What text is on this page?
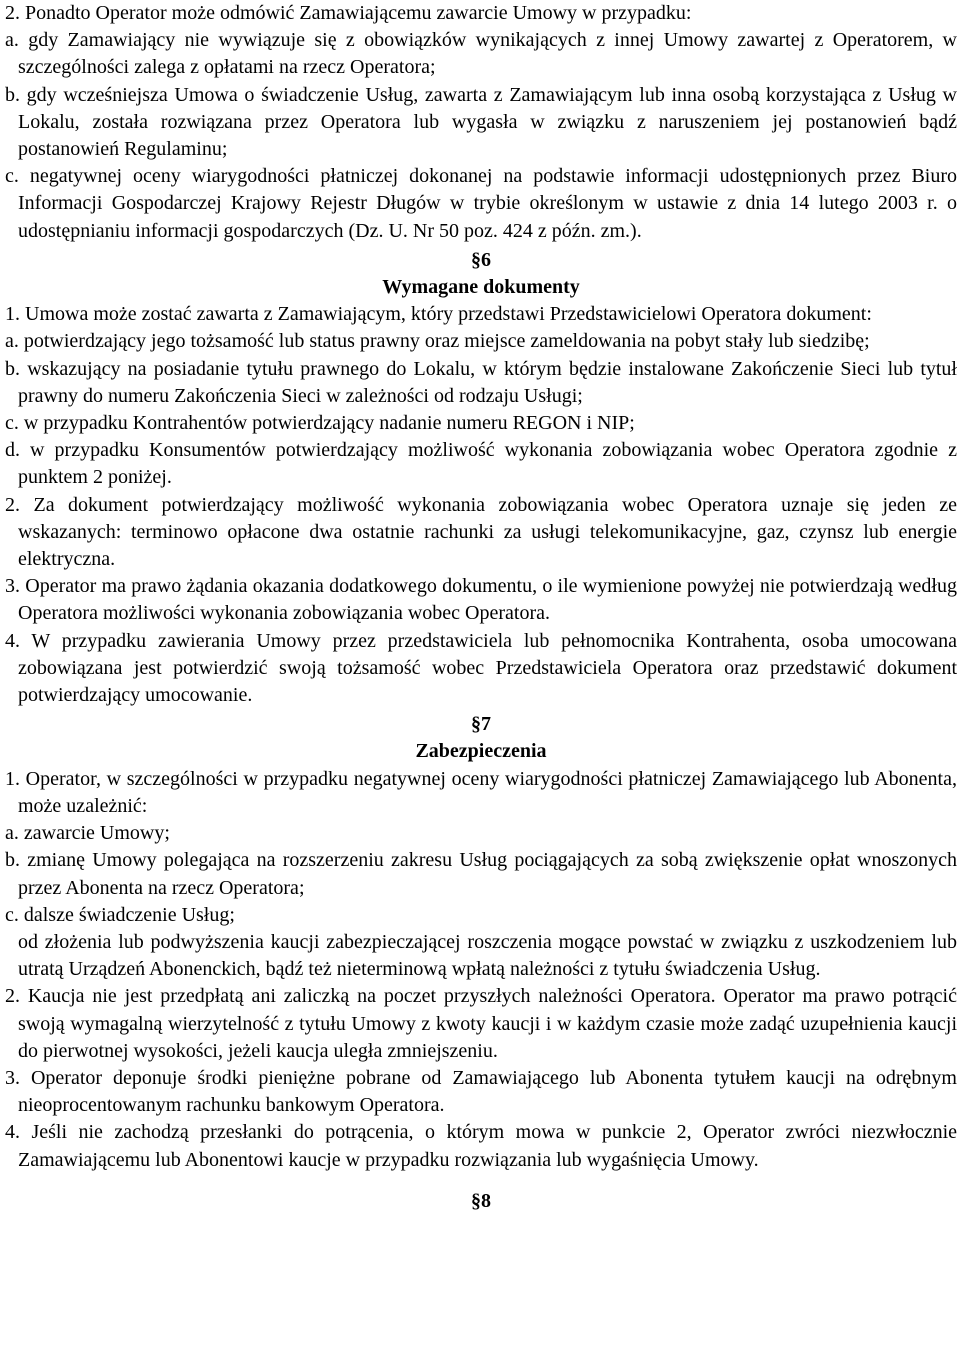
2. Ponadto Operator może odmówić Zamawiającemu zawarcie Umowy w przypadku:

a. gdy Zamawiający nie wywiązuje się z obowiązków wynikających z innej Umowy zawartej z Operatorem, w szczególności zalega z opłatami na rzecz Operatora;

b. gdy wcześniejsza Umowa o świadczenie Usług, zawarta z Zamawiającym lub inna osobą korzystająca z Usług w Lokalu, została rozwiązana przez Operatora lub wygasła w związku z naruszeniem jej postanowień bądź postanowień Regulaminu;

c. negatywnej oceny wiarygodności płatniczej dokonanej na podstawie informacji udostępnionych przez Biuro Informacji Gospodarczej Krajowy Rejestr Długów w trybie określonym w ustawie z dnia 14 lutego 2003 r. o udostępnianiu informacji gospodarczych (Dz. U. Nr 50 poz. 424 z późn. zm.).

§6

Wymagane dokumenty

1. Umowa może zostać zawarta z Zamawiającym, który przedstawi Przedstawicielowi Operatora dokument:

a. potwierdzający jego tożsamość lub status prawny oraz miejsce zameldowania na pobyt stały lub siedzibę;

b. wskazujący na posiadanie tytułu prawnego do Lokalu, w którym będzie instalowane Zakończenie Sieci lub tytuł prawny do numeru Zakończenia Sieci w zależności od rodzaju Usługi;

c. w przypadku Kontrahentów potwierdzający nadanie numeru REGON i NIP;

d. w przypadku Konsumentów potwierdzający możliwość wykonania zobowiązania wobec Operatora zgodnie z punktem 2 poniżej.

2. Za dokument potwierdzający możliwość wykonania zobowiązania wobec Operatora uznaje się jeden ze wskazanych: terminowo opłacone dwa ostatnie rachunki za usługi telekomunikacyjne, gaz, czynsz lub energie elektryczna.

3. Operator ma prawo żądania okazania dodatkowego dokumentu, o ile wymienione powyżej nie potwierdzają według Operatora możliwości wykonania zobowiązania wobec Operatora.

4. W przypadku zawierania Umowy przez przedstawiciela lub pełnomocnika Kontrahenta, osoba umocowana zobowiązana jest potwierdzić swoją tożsamość wobec Przedstawiciela Operatora oraz przedstawić dokument potwierdzający umocowanie.

§7

Zabezpieczenia

1. Operator, w szczególności w przypadku negatywnej oceny wiarygodności płatniczej Zamawiającego lub Abonenta, może uzależnić:

a. zawarcie Umowy;

b. zmianę Umowy polegająca na rozszerzeniu zakresu Usług pociągających za sobą zwiększenie opłat wnoszonych przez Abonenta na rzecz Operatora;

c. dalsze świadczenie Usług;

od złożenia lub podwyższenia kaucji zabezpieczającej roszczenia mogące powstać w związku z uszkodzeniem lub utratą Urządzeń Abonenckich, bądź też nieterminową wpłatą należności z tytułu świadczenia Usług.

2. Kaucja nie jest przedpłatą ani zaliczką na poczet przyszłych należności Operatora. Operator ma prawo potrącić swoją wymagalną wierzytelność z tytułu Umowy z kwoty kaucji i w każdym czasie może zadąć uzupełnienia kaucji do pierwotnej wysokości, jeżeli kaucja uległa zmniejszeniu.

3. Operator deponuje środki pieniężne pobrane od Zamawiającego lub Abonenta tytułem kaucji na odrębnym nieoprocentowanym rachunku bankowym Operatora.

4. Jeśli nie zachodzą przesłanki do potrącenia, o którym mowa w punkcie 2, Operator zwróci niezwłocznie Zamawiającemu lub Abonentowi kaucje w przypadku rozwiązania lub wygaśnięcia Umowy.

§8
